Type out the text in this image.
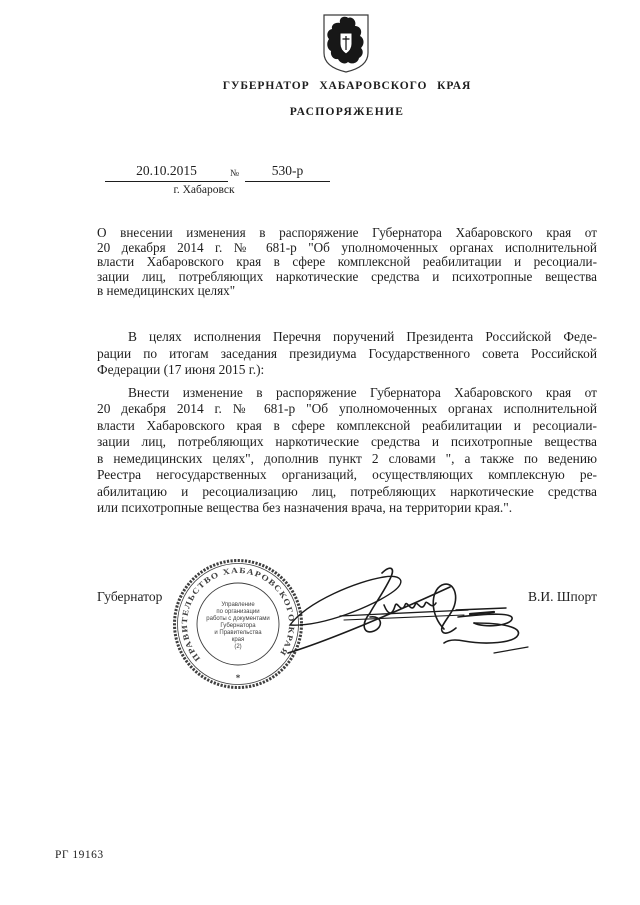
ГУБЕРНАТОР ХАБАРОВСКОГО КРАЯ
РАСПОРЯЖЕНИЕ
20.10.2015	№	530-р
г. Хабаровск
О внесении изменения в распоряжение Губернатора Хабаровского края от
20 декабря 2014 г. № 681-р "Об уполномоченных органах исполнительной
власти Хабаровского края в сфере комплексной реабилитации и ресоциали-
зации лиц, потребляющих наркотические средства и психотропные вещества
в немедицинских целях"
В целях исполнения Перечня поручений Президента Российской Феде-
рации по итогам заседания президиума Государственного совета Российской
Федерации (17 июня 2015 г.):
Внести изменение в распоряжение Губернатора Хабаровского края от
20 декабря 2014 г. № 681-р "Об уполномоченных органах исполнительной
власти Хабаровского края в сфере комплексной реабилитации и ресоциали-
зации лиц, потребляющих наркотические средства и психотропные вещества
в немедицинских целях", дополнив пункт 2 словами ", а также по ведению
Реестра негосударственных организаций, осуществляющих комплексную ре-
абилитацию и ресоциализацию лиц, потребляющих наркотические средства
или психотропные вещества без назначения врача, на территории края.".
Губернатор	В.И. Шпорт
ПРАВИТЕЛЬСТВО ХАБАРОВСКОГО КРАЯ
*
Управление
по организации
работы с документами
Губернатора
и Правительства
края
(2)
РГ 19163
